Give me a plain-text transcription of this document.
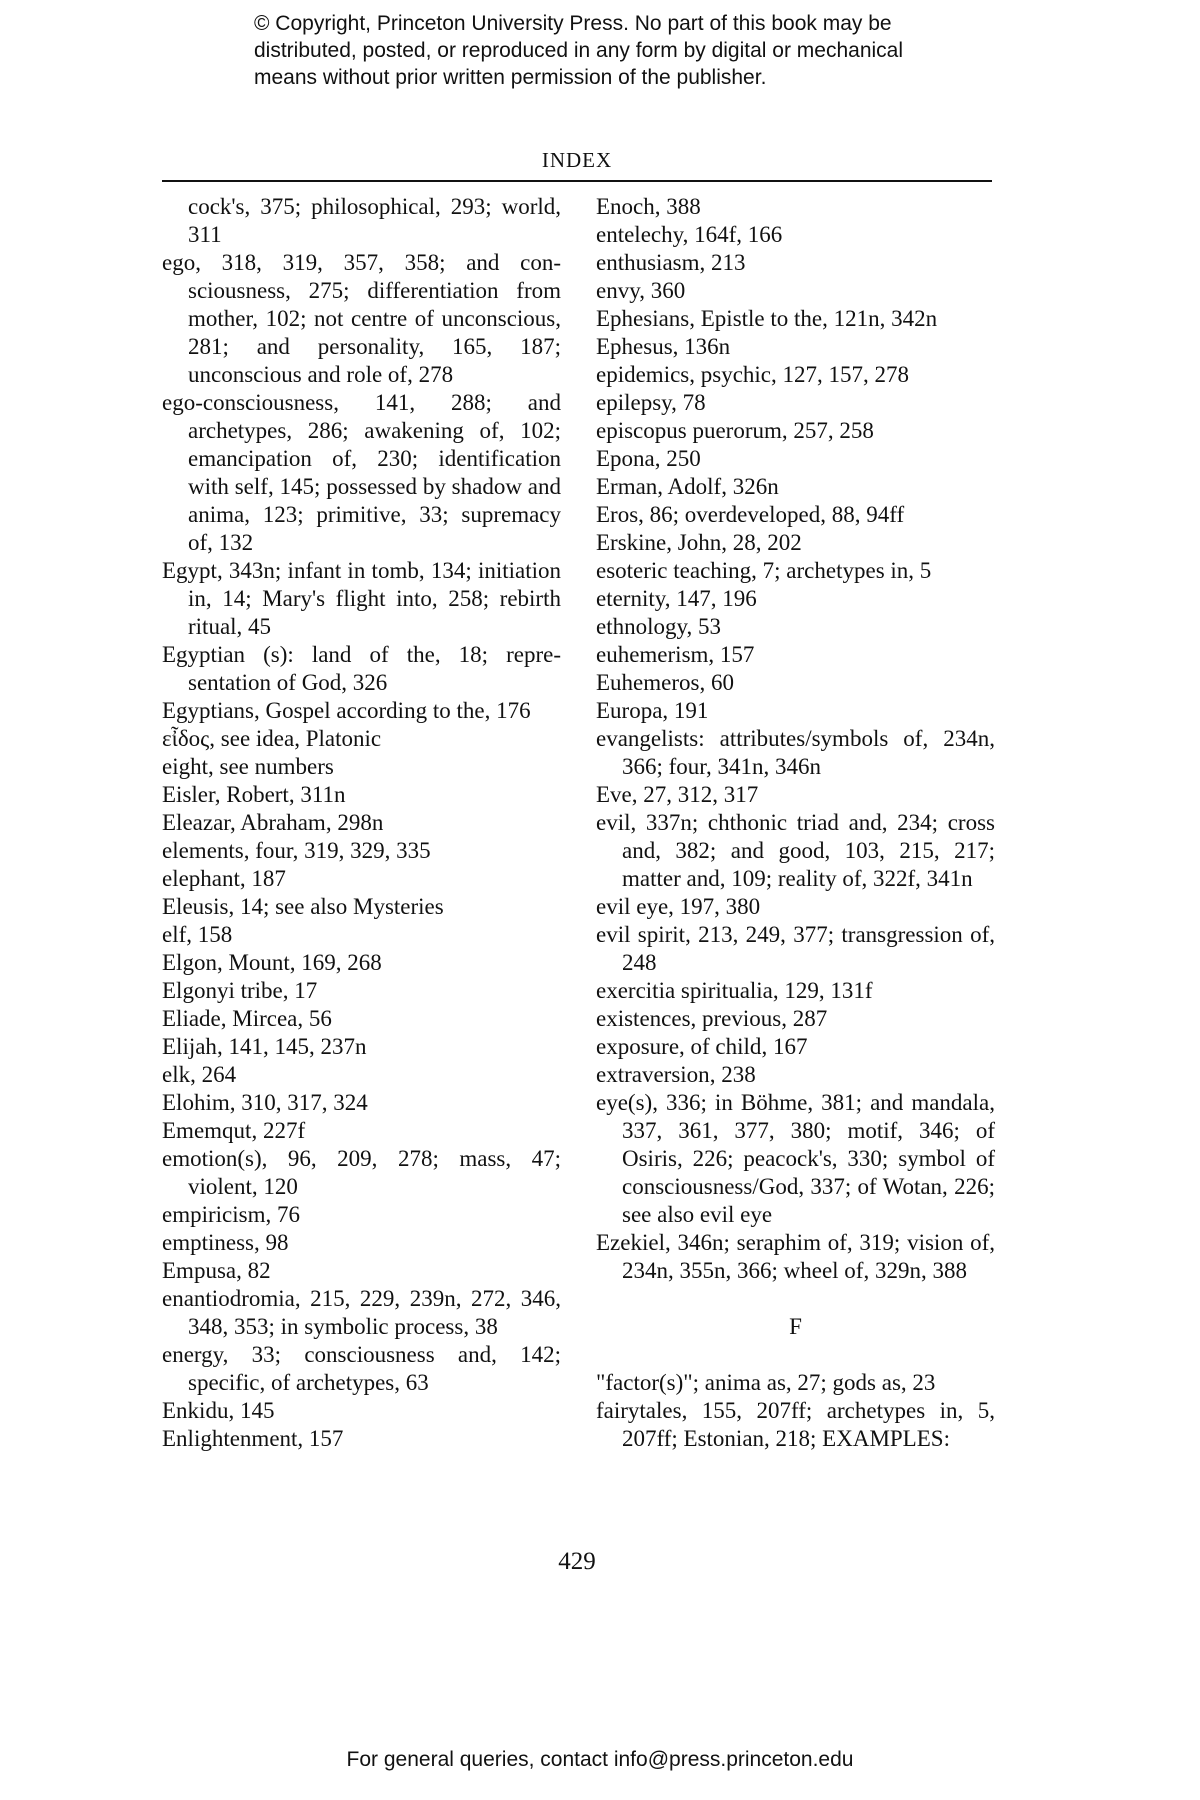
© Copyright, Princeton University Press. No part of this book may be
distributed, posted, or reproduced in any form by digital or mechanical
means without prior written permission of the publisher.
INDEX
cock's, 375; philosophical, 293; world, 311
ego, 318, 319, 357, 358; and consciousness, 275; differentiation from mother, 102; not centre of unconscious, 281; and personality, 165, 187; unconscious and role of, 278
ego-consciousness, 141, 288; and archetypes, 286; awakening of, 102; emancipation of, 230; identification with self, 145; possessed by shadow and anima, 123; primitive, 33; supremacy of, 132
Egypt, 343n; infant in tomb, 134; initiation in, 14; Mary's flight into, 258; rebirth ritual, 45
Egyptian (s): land of the, 18; representation of God, 326
Egyptians, Gospel according to the, 176
εἶδος, see idea, Platonic
eight, see numbers
Eisler, Robert, 311n
Eleazar, Abraham, 298n
elements, four, 319, 329, 335
elephant, 187
Eleusis, 14; see also Mysteries
elf, 158
Elgon, Mount, 169, 268
Elgonyi tribe, 17
Eliade, Mircea, 56
Elijah, 141, 145, 237n
elk, 264
Elohim, 310, 317, 324
Ememqut, 227f
emotion(s), 96, 209, 278; mass, 47; violent, 120
empiricism, 76
emptiness, 98
Empusa, 82
enantiodromia, 215, 229, 239n, 272, 346, 348, 353; in symbolic process, 38
energy, 33; consciousness and, 142; specific, of archetypes, 63
Enkidu, 145
Enlightenment, 157
Enoch, 388
entelechy, 164f, 166
enthusiasm, 213
envy, 360
Ephesians, Epistle to the, 121n, 342n
Ephesus, 136n
epidemics, psychic, 127, 157, 278
epilepsy, 78
episcopus puerorum, 257, 258
Epona, 250
Erman, Adolf, 326n
Eros, 86; overdeveloped, 88, 94ff
Erskine, John, 28, 202
esoteric teaching, 7; archetypes in, 5
eternity, 147, 196
ethnology, 53
euhemerism, 157
Euhemeros, 60
Europa, 191
evangelists: attributes/symbols of, 234n, 366; four, 341n, 346n
Eve, 27, 312, 317
evil, 337n; chthonic triad and, 234; cross and, 382; and good, 103, 215, 217; matter and, 109; reality of, 322f, 341n
evil eye, 197, 380
evil spirit, 213, 249, 377; transgression of, 248
exercitia spiritualia, 129, 131f
existences, previous, 287
exposure, of child, 167
extraversion, 238
eye(s), 336; in Böhme, 381; and mandala, 337, 361, 377, 380; motif, 346; of Osiris, 226; peacock's, 330; symbol of consciousness/God, 337; of Wotan, 226; see also evil eye
Ezekiel, 346n; seraphim of, 319; vision of, 234n, 355n, 366; wheel of, 329n, 388
F
"factor(s)"; anima as, 27; gods as, 23
fairytales, 155, 207ff; archetypes in, 5, 207ff; Estonian, 218; EXAMPLES:
429
For general queries, contact info@press.princeton.edu
